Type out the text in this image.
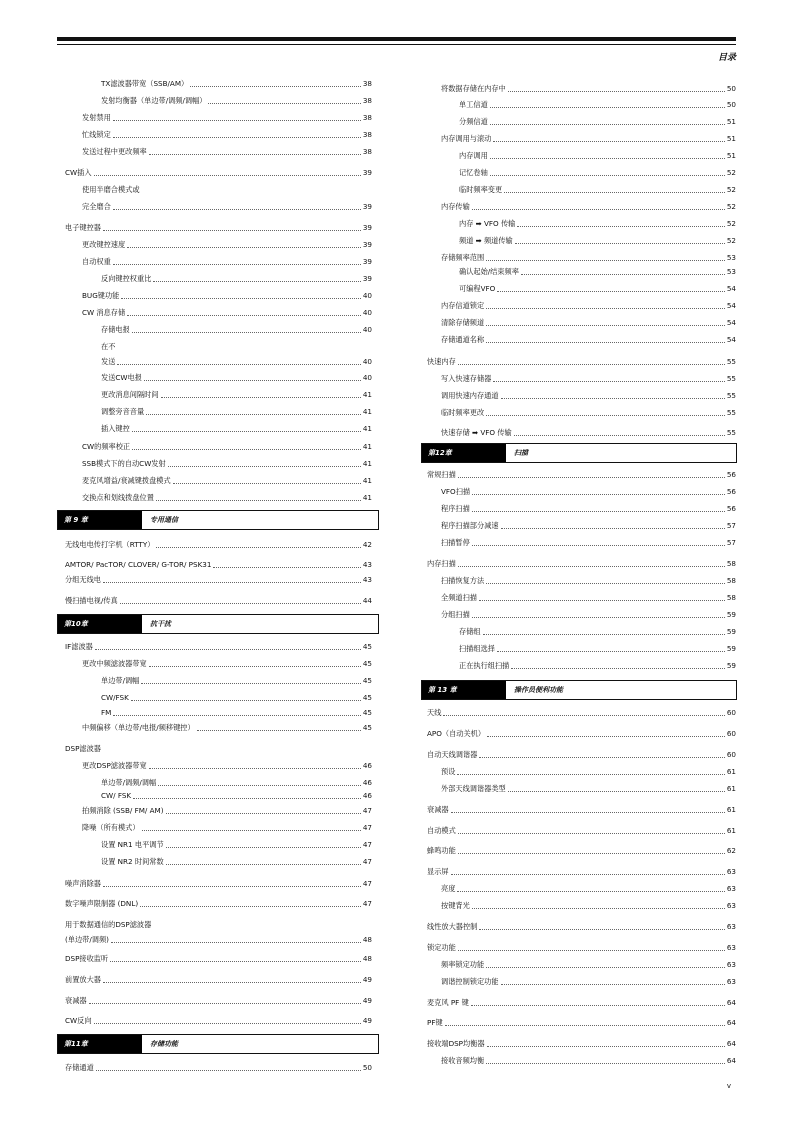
目录
TX滤波器带宽（SSB/AM）	38
发射均衡器（单边带/调频/调幅）	38
发射禁用	38
忙线锁定	38
发送过程中更改频率	38
CW插入	39
使用半磨合模式或
完全磨合	39
电子键控器	39
更改键控速度	39
自动权重	39
反向键控权重比	39
BUG键功能	40
CW 消息存储	40
存储电报	40
在不
发送	40
发送CW电报	40
更改消息间隔时间	41
调整旁音音量	41
插入键控	41
CW的频率校正	41
SSB模式下的自动CW发射	41
麦克风增益/衰减键拨盘模式	41
交换点和划线拨盘位置	41
第 9 章	专用通信
无线电电传打字机（RTTY）	42
AMTOR/ PacTOR/ CLOVER/ G-TOR/ PSK31	43
分组无线电	43
慢扫描电视/传真	44
第10章	抗干扰
IF滤波器	45
更改中频滤波器带宽	45
单边带/调幅	45
CW/FSK	45
FM	45
中频偏移（单边带/电报/频移键控）	45
DSP滤波器
更改DSP滤波器带宽	46
单边带/调频/调幅	46
CW/ FSK	46
拍频消除 (SSB/ FM/ AM)	47
降噪（所有模式）	47
设置 NR1 电平调节	47
设置 NR2 时间常数	47
噪声消除器	47
数字噪声限制器 (DNL)	47
用于数据通信的DSP滤波器
(单边带/调频)	48
DSP接收监听	48
前置放大器	49
衰减器	49
CW反向	49
第11章	存储功能
存储通道	50
将数据存储在内存中	50
单工信道	50
分频信道	51
内存调用与滚动	51
内存调用	51
记忆卷轴	52
临时频率变更	52
内存传输	52
内存 ➡ VFO 传输	52
频道 ➡ 频道传输	52
存储频率范围	53
确认起始/结束频率	53
可编程VFO	54
内存信道锁定	54
清除存储频道	54
存储通道名称	54
快速内存	55
写入快速存储器	55
调用快速内存通道	55
临时频率更改	55
快速存储 ➡ VFO 传输	55
第12章	扫描
常规扫描	56
VFO扫描	56
程序扫描	56
程序扫描部分减速	57
扫描暂停	57
内存扫描	58
扫描恢复方法	58
全频道扫描	58
分组扫描	59
存储组	59
扫描组选择	59
正在执行组扫描	59
第 13 章	操作员便利功能
天线	60
APO（自动关机）	60
自动天线调谐器	60
预设	61
外部天线调谐器类型	61
衰减器	61
自动模式	61
蜂鸣功能	62
显示屏	63
亮度	63
按键背光	63
线性放大器控制	63
锁定功能	63
频率锁定功能	63
调谐控制锁定功能	63
麦克风 PF 键	64
PF键	64
接收端DSP均衡器	64
接收音频均衡	64
v
